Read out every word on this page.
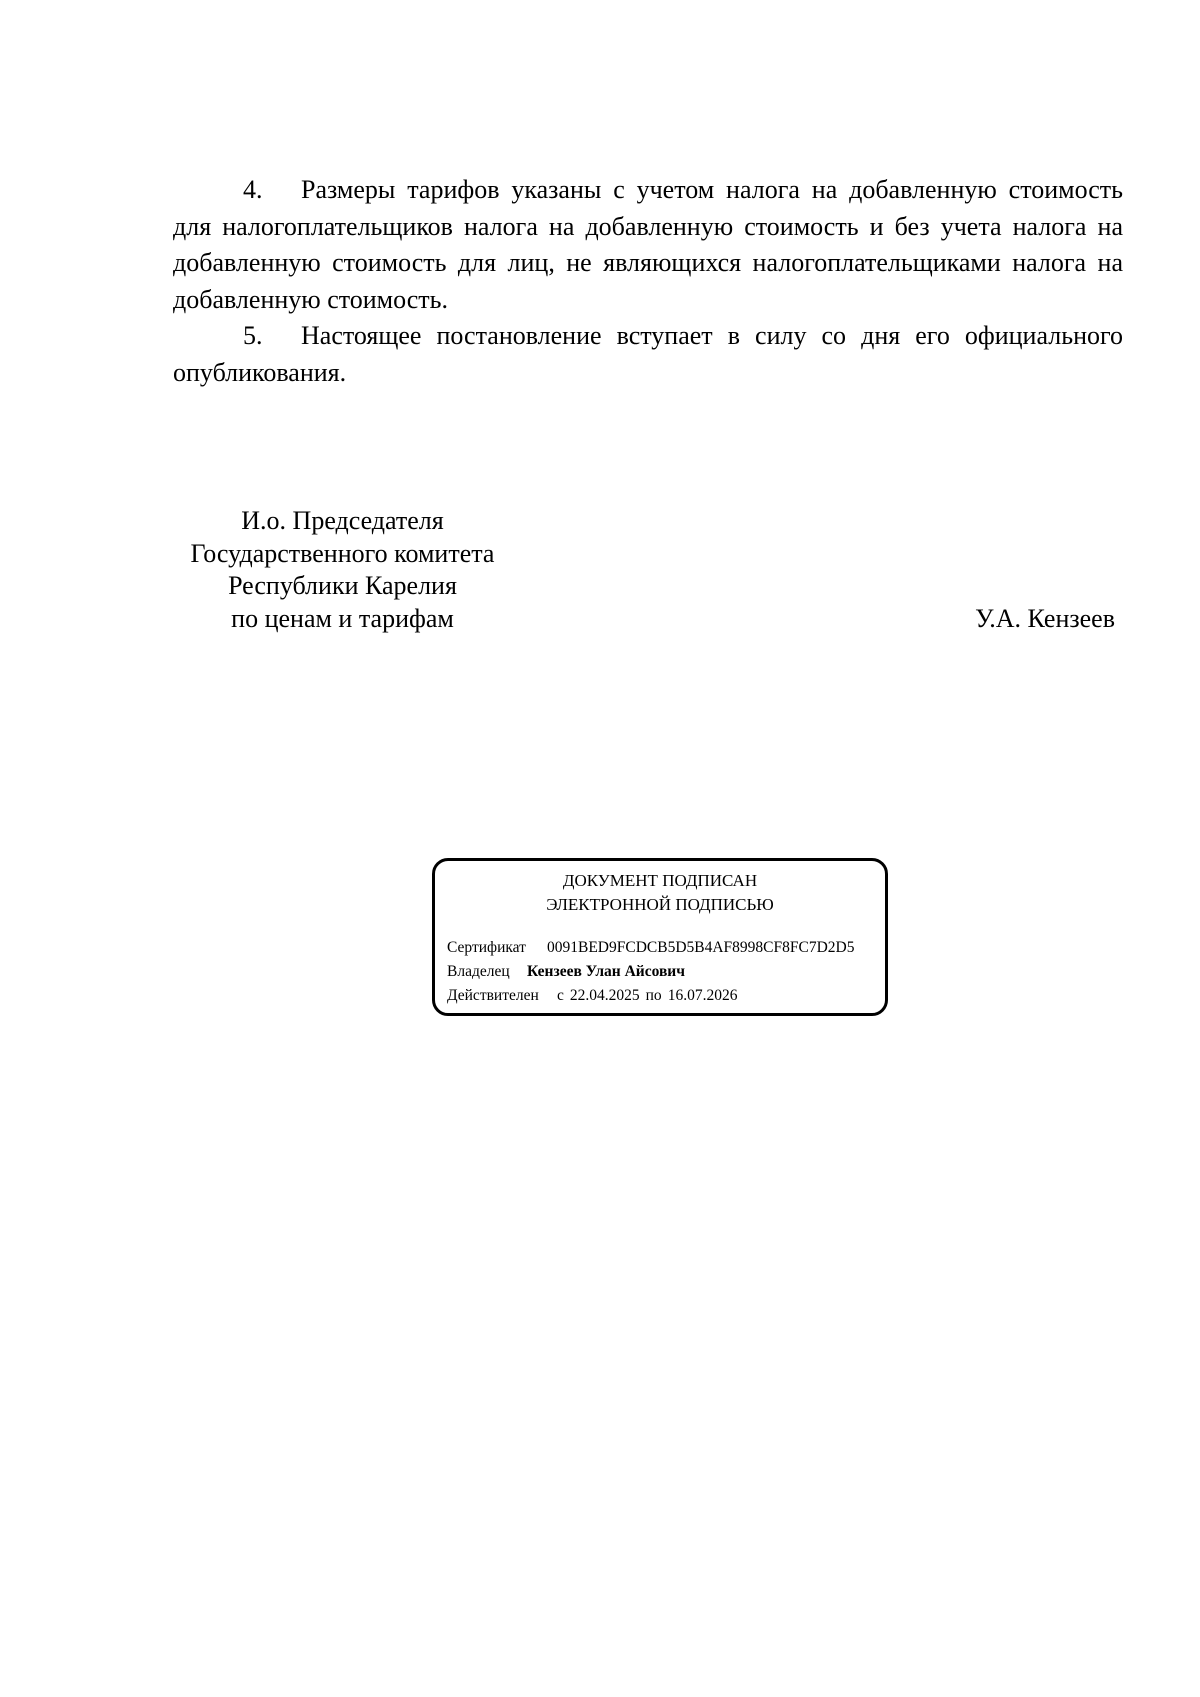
4. Размеры тарифов указаны с учетом налога на добавленную стоимость для налогоплательщиков налога на добавленную стоимость и без учета налога на добавленную стоимость для лиц, не являющихся налогоплательщиками налога на добавленную стоимость.

5. Настоящее постановление вступает в силу со дня его официального опубликования.

И.о. Председателя
Государственного комитета
Республики Карелия
по ценам и тарифам	У.А. Кензеев
ДОКУМЕНТ ПОДПИСАН
ЭЛЕКТРОННОЙ ПОДПИСЬЮ
Сертификат 0091BED9FCDCB5D5B4AF8998CF8FC7D2D5
Владелец Кензеев Улан Айсович
Действителен с 22.04.2025 по 16.07.2026
